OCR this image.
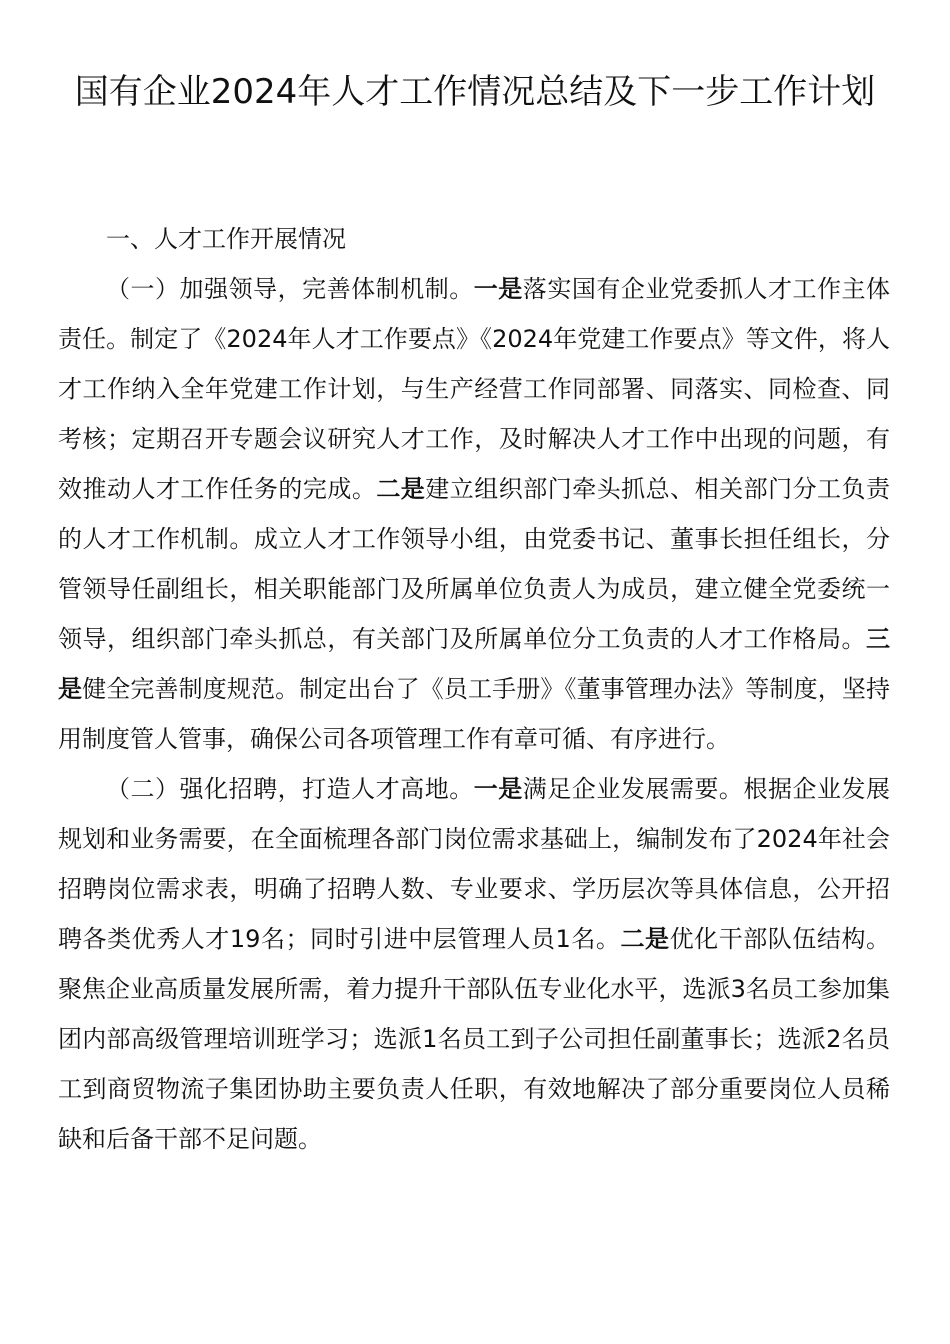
国有企业2024年人才工作情况总结及下一步工作计划

一、人才工作开展情况

（一）加强领导，完善体制机制。一是落实国有企业党委抓人才工作主体责任。制定了《2024年人才工作要点》《2024年党建工作要点》等文件，将人才工作纳入全年党建工作计划，与生产经营工作同部署、同落实、同检查、同考核；定期召开专题会议研究人才工作，及时解决人才工作中出现的问题，有效推动人才工作任务的完成。二是建立组织部门牵头抓总、相关部门分工负责的人才工作机制。成立人才工作领导小组，由党委书记、董事长担任组长，分管领导任副组长，相关职能部门及所属单位负责人为成员，建立健全党委统一领导，组织部门牵头抓总，有关部门及所属单位分工负责的人才工作格局。三是健全完善制度规范。制定出台了《员工手册》《董事管理办法》等制度，坚持用制度管人管事，确保公司各项管理工作有章可循、有序进行。

（二）强化招聘，打造人才高地。一是满足企业发展需要。根据企业发展规划和业务需要，在全面梳理各部门岗位需求基础上，编制发布了2024年社会招聘岗位需求表，明确了招聘人数、专业要求、学历层次等具体信息，公开招聘各类优秀人才19名；同时引进中层管理人员1名。二是优化干部队伍结构。聚焦企业高质量发展所需，着力提升干部队伍专业化水平，选派3名员工参加集团内部高级管理培训班学习；选派1名员工到子公司担任副董事长；选派2名员工到商贸物流子集团协助主要负责人任职，有效地解决了部分重要岗位人员稀缺和后备干部不足问题。
